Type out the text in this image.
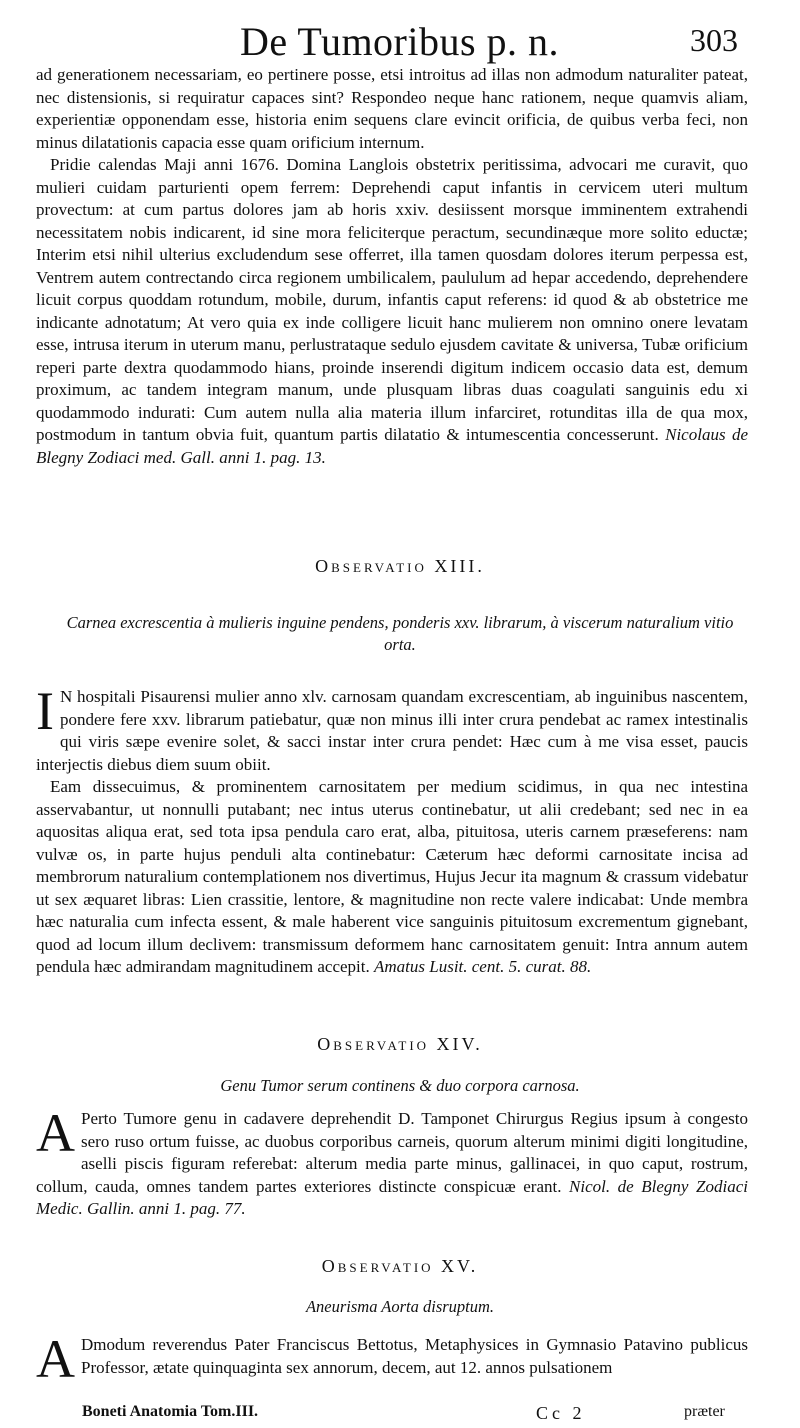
De Tumoribus p. n.	303

ad generationem necessariam, eo pertinere posse, etsi introitus ad illas non admodum naturaliter pateat, nec distensionis, si requiratur capaces sint? Respondeo neque hanc rationem, neque quamvis aliam, experientiæ opponendam esse, historia enim sequens clare evincit orificia, de quibus verba feci, non minus dilatationis capacia esse quam orificium internum.

Pridie calendas Maji anni 1676. Domina Langlois obstetrix peritissima, advocari me curavit, quo mulieri cuidam parturienti opem ferrem: Deprehendi caput infantis in cervicem uteri multum provectum: at cum partus dolores jam ab horis xxiv. desiissent morsque imminentem extrahendi necessitatem nobis indicarent, id sine mora feliciterque peractum, secundinæque more solito eductæ; Interim etsi nihil ulterius excludendum sese offerret, illa tamen quosdam dolores iterum perpessa est, Ventrem autem contrectando circa regionem umbilicalem, paululum ad hepar accedendo, deprehendere licuit corpus quoddam rotundum, mobile, durum, infantis caput referens: id quod & ab obstetrice me indicante adnotatum; At vero quia ex inde colligere licuit hanc mulierem non omnino onere levatam esse, intrusa iterum in uterum manu, perlustrataque sedulo ejusdem cavitate & universa, Tubæ orificium reperi parte dextra quodammodo hians, proinde inserendi digitum indicem occasio data est, demum proximum, ac tandem integram manum, unde plusquam libras duas coagulati sanguinis edu xi quodammodo indurati: Cum autem nulla alia materia illum infarciret, rotunditas illa de qua mox, postmodum in tantum obvia fuit, quantum partis dilatatio & intumescentia concesserunt. Nicolaus de Blegny Zodiaci med. Gall. anni 1. pag. 13.

Observatio XIII.
Carnea excrescentia à mulieris inguine pendens, ponderis xxv. librarum, à viscerum naturalium vitio orta.
I N hospitali Pisaurensi mulier anno xlv. carnosam quandam excrescentiam, ab inguinibus nascentem, pondere fere xxv. librarum patiebatur, quæ non minus illi inter crura pendebat ac ramex intestinalis qui viris sæpe evenire solet, & sacci instar inter crura pendet: Hæc cum à me visa esset, paucis interjectis diebus diem suum obiit.

Eam dissecuimus, & prominentem carnositatem per medium scidimus, in qua nec intestina asservabantur, ut nonnulli putabant; nec intus uterus continebatur, ut alii credebant; sed nec in ea aquositas aliqua erat, sed tota ipsa pendula caro erat, alba, pituitosa, uteris carnem præseferens: nam vulvæ os, in parte hujus penduli alta continebatur: Cæterum hæc deformi carnositate incisa ad membrorum naturalium contemplationem nos divertimus, Hujus Jecur ita magnum & crassum videbatur ut sex æquaret libras: Lien crassitie, lentore, & magnitudine non recte valere indicabat: Unde membra hæc naturalia cum infecta essent, & male haberent vice sanguinis pituitosum excrementum gignebant, quod ad locum illum declivem: transmissum deformem hanc carnositatem genuit: Intra annum autem pendula hæc admirandam magnitudinem accepit. Amatus Lusit. cent. 5. curat. 88.

Observatio XIV.
Genu Tumor serum continens & duo corpora carnosa.
A Perto Tumore genu in cadavere deprehendit D. Tamponet Chirurgus Regius ipsum à congesto sero ruso ortum fuisse, ac duobus corporibus carneis, quorum alterum minimi digiti longitudine, aselli piscis figuram referebat: alterum media parte minus, gallinacei, in quo caput, rostrum, collum, cauda, omnes tandem partes exteriores distincte conspicuæ erant. Nicol. de Blegny Zodiaci Medic. Gallin. anni 1. pag. 77.

Observatio XV.
Aneurisma Aorta disruptum.
A Dmodum reverendus Pater Franciscus Bettotus, Metaphysices in Gymnasio Patavino publicus Professor, ætate quinquaginta sex annorum, decem, aut 12. annos pulsationem

Boneti Anatomia Tom.III.	Cc 2	præter
